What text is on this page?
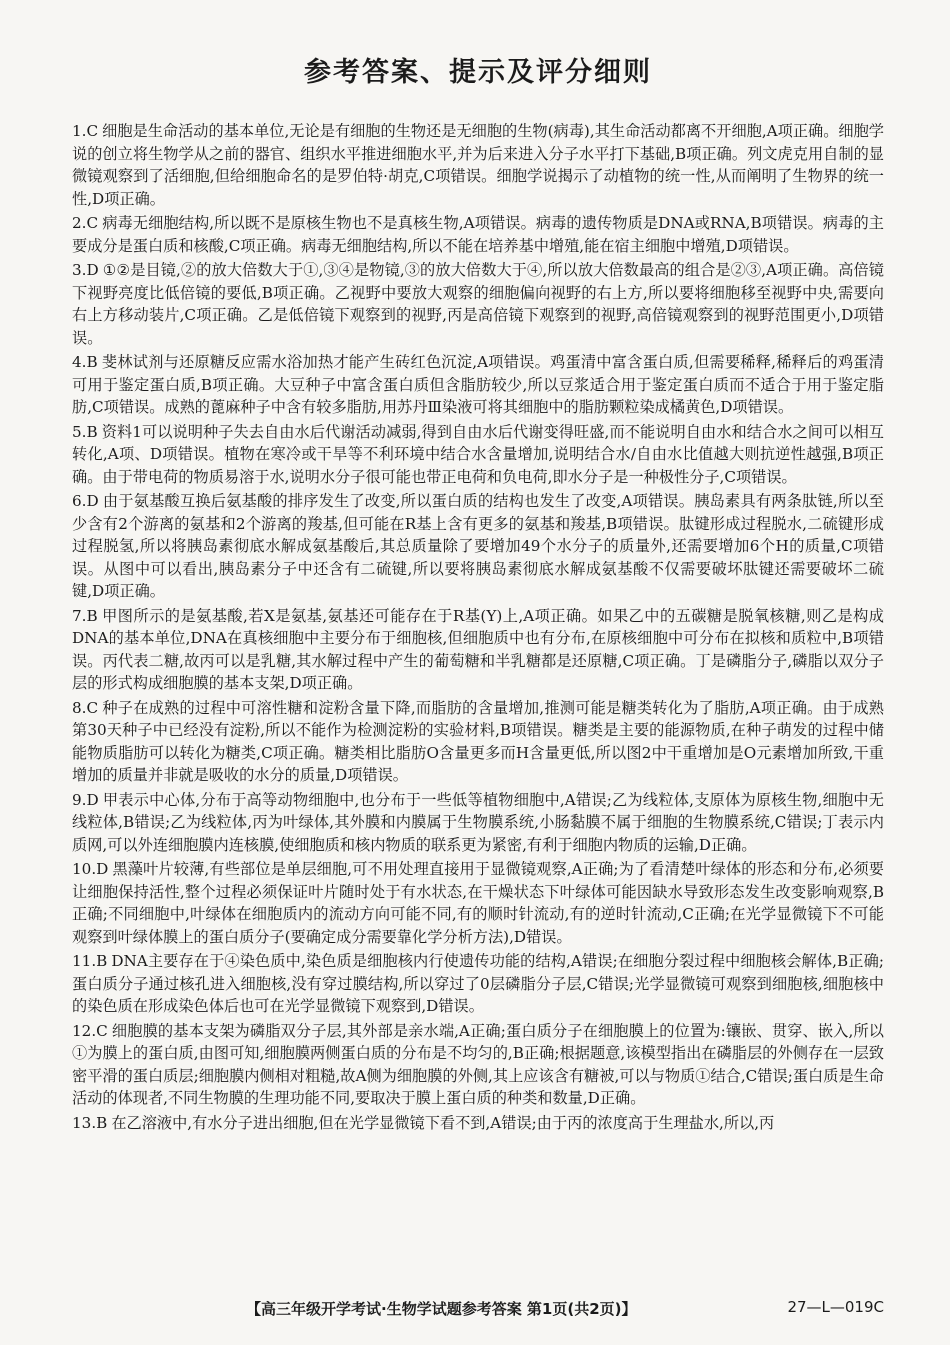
参考答案、提示及评分细则

1.C 细胞是生命活动的基本单位,无论是有细胞的生物还是无细胞的生物(病毒),其生命活动都离不开细胞,A项正确。细胞学说的创立将生物学从之前的器官、组织水平推进细胞水平,并为后来进入分子水平打下基础,B项正确。列文虎克用自制的显微镜观察到了活细胞,但给细胞命名的是罗伯特·胡克,C项错误。细胞学说揭示了动植物的统一性,从而阐明了生物界的统一性,D项正确。

2.C 病毒无细胞结构,所以既不是原核生物也不是真核生物,A项错误。病毒的遗传物质是DNA或RNA,B项错误。病毒的主要成分是蛋白质和核酸,C项正确。病毒无细胞结构,所以不能在培养基中增殖,能在宿主细胞中增殖,D项错误。

3.D ①②是目镜,②的放大倍数大于①,③④是物镜,③的放大倍数大于④,所以放大倍数最高的组合是②③,A项正确。高倍镜下视野亮度比低倍镜的要低,B项正确。乙视野中要放大观察的细胞偏向视野的右上方,所以要将细胞移至视野中央,需要向右上方移动装片,C项正确。乙是低倍镜下观察到的视野,丙是高倍镜下观察到的视野,高倍镜观察到的视野范围更小,D项错误。

4.B 斐林试剂与还原糖反应需水浴加热才能产生砖红色沉淀,A项错误。鸡蛋清中富含蛋白质,但需要稀释,稀释后的鸡蛋清可用于鉴定蛋白质,B项正确。大豆种子中富含蛋白质但含脂肪较少,所以豆浆适合用于鉴定蛋白质而不适合于用于鉴定脂肪,C项错误。成熟的蓖麻种子中含有较多脂肪,用苏丹Ⅲ染液可将其细胞中的脂肪颗粒染成橘黄色,D项错误。

5.B 资料1可以说明种子失去自由水后代谢活动减弱,得到自由水后代谢变得旺盛,而不能说明自由水和结合水之间可以相互转化,A项、D项错误。植物在寒冷或干旱等不利环境中结合水含量增加,说明结合水/自由水比值越大则抗逆性越强,B项正确。由于带电荷的物质易溶于水,说明水分子很可能也带正电荷和负电荷,即水分子是一种极性分子,C项错误。

6.D 由于氨基酸互换后氨基酸的排序发生了改变,所以蛋白质的结构也发生了改变,A项错误。胰岛素具有两条肽链,所以至少含有2个游离的氨基和2个游离的羧基,但可能在R基上含有更多的氨基和羧基,B项错误。肽键形成过程脱水,二硫键形成过程脱氢,所以将胰岛素彻底水解成氨基酸后,其总质量除了要增加49个水分子的质量外,还需要增加6个H的质量,C项错误。从图中可以看出,胰岛素分子中还含有二硫键,所以要将胰岛素彻底水解成氨基酸不仅需要破坏肽键还需要破坏二硫键,D项正确。

7.B 甲图所示的是氨基酸,若X是氨基,氨基还可能存在于R基(Y)上,A项正确。如果乙中的五碳糖是脱氧核糖,则乙是构成DNA的基本单位,DNA在真核细胞中主要分布于细胞核,但细胞质中也有分布,在原核细胞中可分布在拟核和质粒中,B项错误。丙代表二糖,故丙可以是乳糖,其水解过程中产生的葡萄糖和半乳糖都是还原糖,C项正确。丁是磷脂分子,磷脂以双分子层的形式构成细胞膜的基本支架,D项正确。

8.C 种子在成熟的过程中可溶性糖和淀粉含量下降,而脂肪的含量增加,推测可能是糖类转化为了脂肪,A项正确。由于成熟第30天种子中已经没有淀粉,所以不能作为检测淀粉的实验材料,B项错误。糖类是主要的能源物质,在种子萌发的过程中储能物质脂肪可以转化为糖类,C项正确。糖类相比脂肪O含量更多而H含量更低,所以图2中干重增加是O元素增加所致,干重增加的质量并非就是吸收的水分的质量,D项错误。

9.D 甲表示中心体,分布于高等动物细胞中,也分布于一些低等植物细胞中,A错误;乙为线粒体,支原体为原核生物,细胞中无线粒体,B错误;乙为线粒体,丙为叶绿体,其外膜和内膜属于生物膜系统,小肠黏膜不属于细胞的生物膜系统,C错误;丁表示内质网,可以外连细胞膜内连核膜,使细胞质和核内物质的联系更为紧密,有利于细胞内物质的运输,D正确。

10.D 黑藻叶片较薄,有些部位是单层细胞,可不用处理直接用于显微镜观察,A正确;为了看清楚叶绿体的形态和分布,必须要让细胞保持活性,整个过程必须保证叶片随时处于有水状态,在干燥状态下叶绿体可能因缺水导致形态发生改变影响观察,B正确;不同细胞中,叶绿体在细胞质内的流动方向可能不同,有的顺时针流动,有的逆时针流动,C正确;在光学显微镜下不可能观察到叶绿体膜上的蛋白质分子(要确定成分需要靠化学分析方法),D错误。

11.B DNA主要存在于④染色质中,染色质是细胞核内行使遗传功能的结构,A错误;在细胞分裂过程中细胞核会解体,B正确;蛋白质分子通过核孔进入细胞核,没有穿过膜结构,所以穿过了0层磷脂分子层,C错误;光学显微镜可观察到细胞核,细胞核中的染色质在形成染色体后也可在光学显微镜下观察到,D错误。

12.C 细胞膜的基本支架为磷脂双分子层,其外部是亲水端,A正确;蛋白质分子在细胞膜上的位置为:镶嵌、贯穿、嵌入,所以①为膜上的蛋白质,由图可知,细胞膜两侧蛋白质的分布是不均匀的,B正确;根据题意,该模型指出在磷脂层的外侧存在一层致密平滑的蛋白质层;细胞膜内侧相对粗糙,故A侧为细胞膜的外侧,其上应该含有糖被,可以与物质①结合,C错误;蛋白质是生命活动的体现者,不同生物膜的生理功能不同,要取决于膜上蛋白质的种类和数量,D正确。

13.B 在乙溶液中,有水分子进出细胞,但在光学显微镜下看不到,A错误;由于丙的浓度高于生理盐水,所以,丙

【高三年级开学考试·生物学试题参考答案 第1页(共2页)】	27—L—019C
